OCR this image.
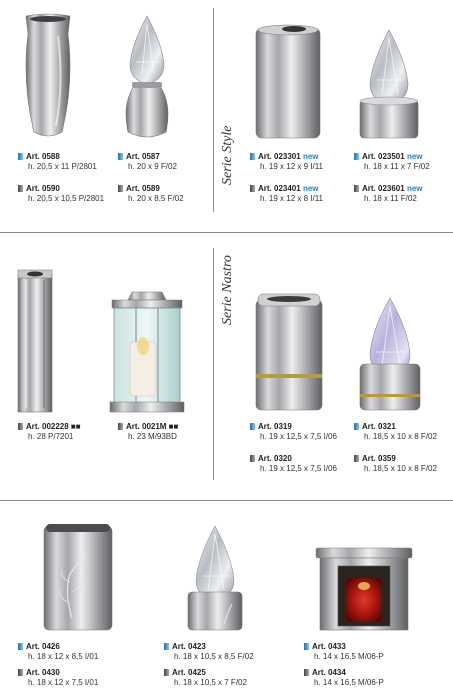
Serie Style
Serie Nastro
Art. 0588
h. 20,5 x 11 P/2801
Art. 0590
h. 20,5 x 10,5 P/2801
Art. 0587
h. 20 x 9 F/02
Art. 0589
h. 20 x 8,5 F/02
Art. 023301 new
h. 19 x 12 x 9 I/11
Art. 023401 new
h. 19 x 12 x 8 I/11
Art. 023501 new
h. 18 x 11 x 7 F/02
Art. 023601 new
h. 18 x 11 F/02
Art. 002228 ■■
h. 28 P/7201
Art. 0021M ■■
h. 23 M/93BD
Art. 0319
h. 19 x 12,5 x 7,5 I/06
Art. 0320
h. 19 x 12,5 x 7,5 I/06
Art. 0321
h. 18,5 x 10 x 8 F/02
Art. 0359
h. 18,5 x 10 x 8 F/02
Art. 0426
h. 18 x 12 x 8,5 I/01
Art. 0430
h. 18 x 12 x 7,5 I/01
Art. 0423
h. 18 x 10,5 x 8,5 F/02
Art. 0425
h. 18 x 10,5 x 7 F/02
Art. 0433
h. 14 x 16,5 M/06-P
Art. 0434
h. 14 x 16,5 M/06-P
